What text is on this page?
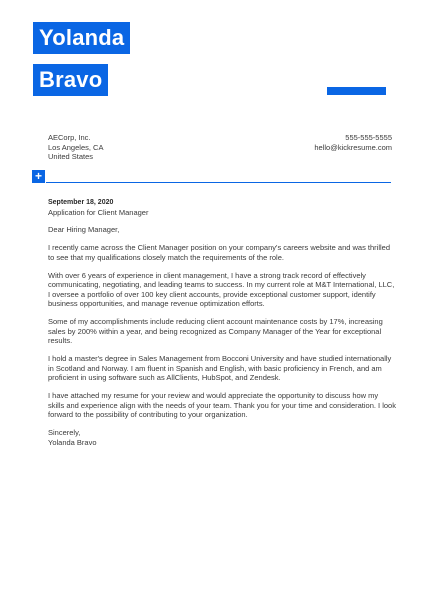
Yolanda
Bravo
AECorp, Inc.
Los Angeles, CA
United States
555-555-5555
hello@kickresume.com
+
September 18, 2020
Application for Client Manager

Dear Hiring Manager,

I recently came across the Client Manager position on your company's careers website and was thrilled to see that my qualifications closely match the requirements of the role.

With over 6 years of experience in client management, I have a strong track record of effectively communicating, negotiating, and leading teams to success. In my current role at M&T International, LLC, I oversee a portfolio of over 100 key client accounts, provide exceptional customer support, identify business opportunities, and manage revenue optimization efforts.

Some of my accomplishments include reducing client account maintenance costs by 17%, increasing sales by 200% within a year, and being recognized as Company Manager of the Year for exceptional results.

I hold a master's degree in Sales Management from Bocconi University and have studied internationally in Scotland and Norway. I am fluent in Spanish and English, with basic proficiency in French, and am proficient in using software such as AllClients, HubSpot, and Zendesk.

I have attached my resume for your review and would appreciate the opportunity to discuss how my skills and experience align with the needs of your team. Thank you for your time and consideration. I look forward to the possibility of contributing to your organization.

Sincerely,
Yolanda Bravo
